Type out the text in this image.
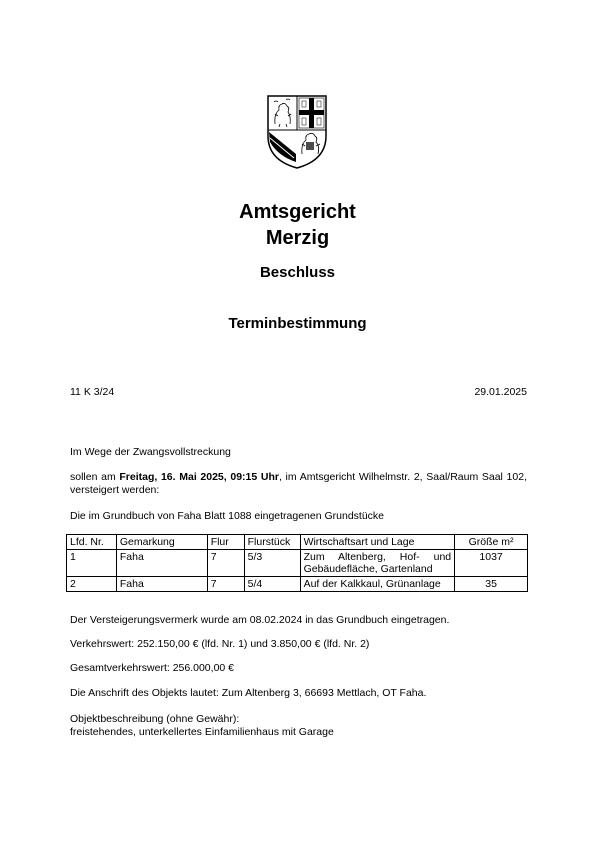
Amtsgericht
Merzig
Beschluss
Terminbestimmung
11 K 3/24	29.01.2025
Im Wege der Zwangsvollstreckung
sollen am Freitag, 16. Mai 2025, 09:15 Uhr, im Amtsgericht Wilhelmstr. 2, Saal/Raum Saal 102, versteigert werden:
Die im Grundbuch von Faha Blatt 1088 eingetragenen Grundstücke
Lfd. Nr.	Gemarkung	Flur	Flurstück	Wirtschaftsart und Lage	Größe m²
1	Faha	7	5/3	Zum Altenberg, Hof- und Gebäudefläche, Gartenland	1037
2	Faha	7	5/4	Auf der Kalkkaul, Grünanlage	35
Der Versteigerungsvermerk wurde am 08.02.2024 in das Grundbuch eingetragen.
Verkehrswert: 252.150,00 € (lfd. Nr. 1) und 3.850,00 € (lfd. Nr. 2)
Gesamtverkehrswert: 256.000,00 €
Die Anschrift des Objekts lautet: Zum Altenberg 3, 66693 Mettlach, OT Faha.
Objektbeschreibung (ohne Gewähr):
freistehendes, unterkellertes Einfamilienhaus mit Garage
